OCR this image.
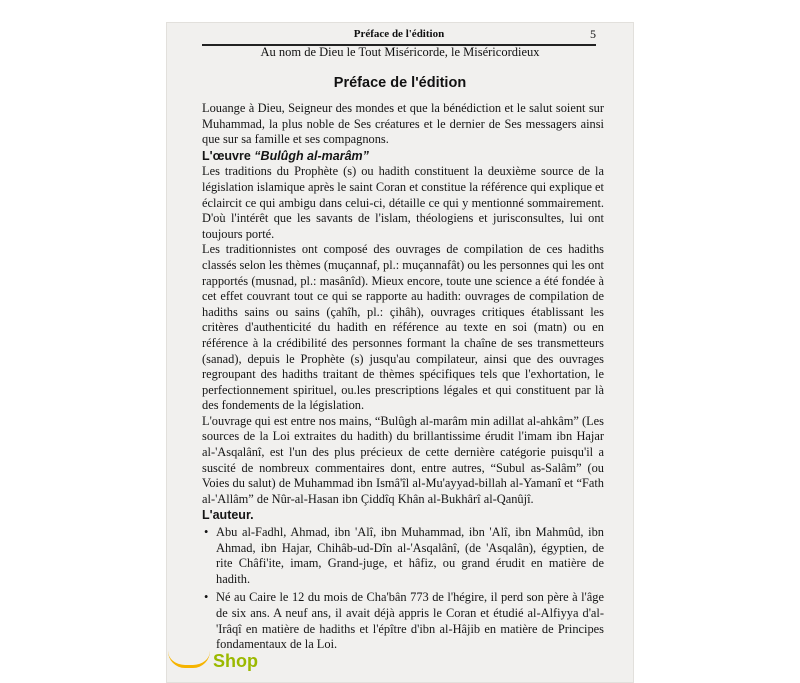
Préface de l'édition	5
Au nom de Dieu le Tout Miséricorde, le Miséricordieux
Préface de l'édition

Louange à Dieu, Seigneur des mondes et que la bénédiction et le salut soient sur Muhammad, la plus noble de Ses créatures et le dernier de Ses messagers ainsi que sur sa famille et ses compagnons.

L'œuvre “Bulûgh al-marâm”

Les traditions du Prophète (s) ou hadith constituent la deuxième source de la législation islamique après le saint Coran et constitue la référence qui explique et éclaircit ce qui ambigu dans celui-ci, détaille ce qui y mentionné sommairement. D'où l'intérêt que les savants de l'islam, théologiens et jurisconsultes, lui ont toujours porté.

Les traditionnistes ont composé des ouvrages de compilation de ces hadiths classés selon les thèmes (muçannaf, pl.: muçannafât) ou les personnes qui les ont rapportés (musnad, pl.: masânîd). Mieux encore, toute une science a été fondée à cet effet couvrant tout ce qui se rapporte au hadith: ouvrages de compilation de hadiths sains ou sains (çahîh, pl.: çihâh), ouvrages critiques établissant les critères d'authenticité du hadith en référence au texte en soi (matn) ou en référence à la crédibilité des personnes formant la chaîne de ses transmetteurs (sanad), depuis le Prophète (s) jusqu'au compilateur, ainsi que des ouvrages regroupant des hadiths traitant de thèmes spécifiques tels que l'exhortation, le perfectionnement spirituel, ou.les prescriptions légales et qui constituent par là des fondements de la législation.

L'ouvrage qui est entre nos mains, “Bulûgh al-marâm min adillat al-ahkâm” (Les sources de la Loi extraites du hadith) du brillantissime érudit l'imam ibn Hajar al-'Asqalânî, est l'un des plus précieux de cette dernière catégorie puisqu'il a suscité de nombreux commentaires dont, entre autres, “Subul as-Salâm” (ou Voies du salut) de Muhammad ibn Ismâ'îl al-Mu'ayyad-billah al-Yamanî et “Fath al-'Allâm” de Nûr-al-Hasan ibn Çiddîq Khân al-Bukhârî al-Qanûjî.

L'auteur.
• Abu al-Fadhl, Ahmad, ibn 'Alî, ibn Muhammad, ibn 'Alî, ibn Mahmûd, ibn Ahmad, ibn Hajar, Chihâb-ud-Dîn al-'Asqalânî, (de 'Asqalân), égyptien, de rite Châfi'ite, imam, Grand-juge, et hâfiz, ou grand érudit en matière de hadith.
• Né au Caire le 12 du mois de Cha'bân 773 de l'hégire, il perd son père à l'âge de six ans. A neuf ans, il avait déjà appris le Coran et étudié al-Alfiyya d'al-'Irâqî en matière de hadiths et l'épître d'ibn al-Hâjib en matière de Principes fondamentaux de la Loi.
Shop
